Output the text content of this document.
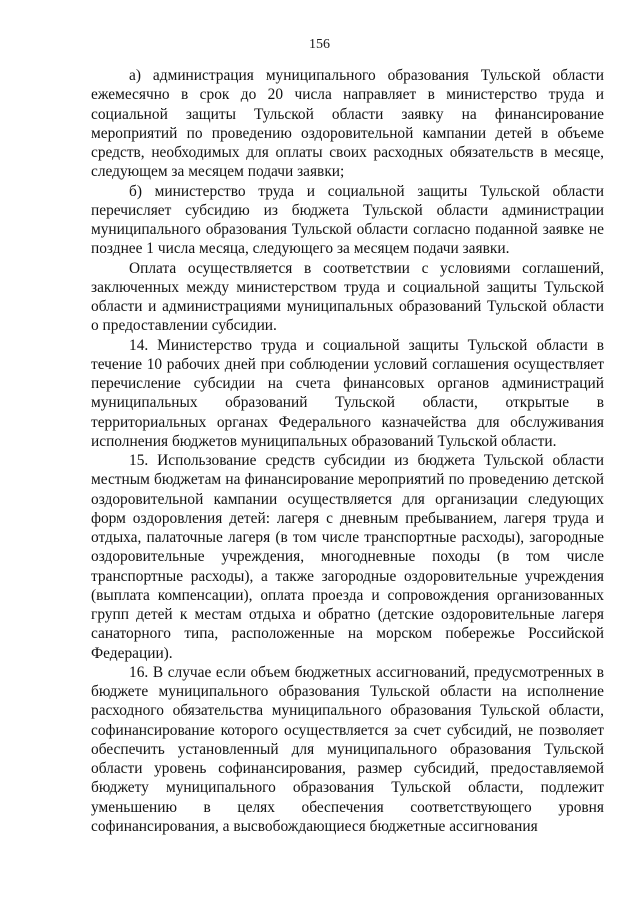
156

а) администрация муниципального образования Тульской области ежемесячно в срок до 20 числа направляет в министерство труда и социальной защиты Тульской области заявку на финансирование мероприятий по проведению оздоровительной кампании детей в объеме средств, необходимых для оплаты своих расходных обязательств в месяце, следующем за месяцем подачи заявки;

б) министерство труда и социальной защиты Тульской области перечисляет субсидию из бюджета Тульской области администрации муниципального образования Тульской области согласно поданной заявке не позднее 1 числа месяца, следующего за месяцем подачи заявки.

Оплата осуществляется в соответствии с условиями соглашений, заключенных между министерством труда и социальной защиты Тульской области и администрациями муниципальных образований Тульской области о предоставлении субсидии.

14. Министерство труда и социальной защиты Тульской области в течение 10 рабочих дней при соблюдении условий соглашения осуществляет перечисление субсидии на счета финансовых органов администраций муниципальных образований Тульской области, открытые в территориальных органах Федерального казначейства для обслуживания исполнения бюджетов муниципальных образований Тульской области.

15. Использование средств субсидии из бюджета Тульской области местным бюджетам на финансирование мероприятий по проведению детской оздоровительной кампании осуществляется для организации следующих форм оздоровления детей: лагеря с дневным пребыванием, лагеря труда и отдыха, палаточные лагеря (в том числе транспортные расходы), загородные оздоровительные учреждения, многодневные походы (в том числе транспортные расходы), а также загородные оздоровительные учреждения (выплата компенсации), оплата проезда и сопровождения организованных групп детей к местам отдыха и обратно (детские оздоровительные лагеря санаторного типа, расположенные на морском побережье Российской Федерации).

16. В случае если объем бюджетных ассигнований, предусмотренных в бюджете муниципального образования Тульской области на исполнение расходного обязательства муниципального образования Тульской области, софинансирование которого осуществляется за счет субсидий, не позволяет обеспечить установленный для муниципального образования Тульской области уровень софинансирования, размер субсидий, предоставляемой бюджету муниципального образования Тульской области, подлежит уменьшению в целях обеспечения соответствующего уровня софинансирования, а высвобождающиеся бюджетные ассигнования
